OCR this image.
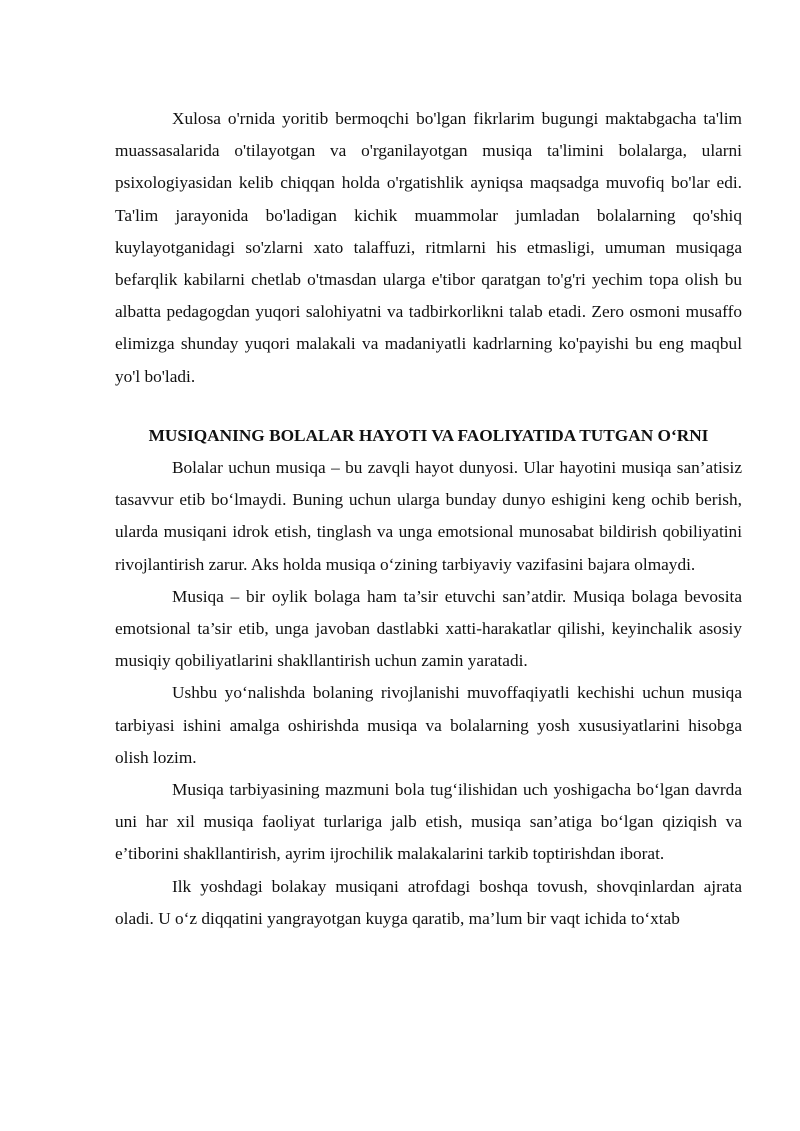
Xulosa o'rnida yoritib bermoqchi bo'lgan fikrlarim bugungi maktabgacha ta'lim muassasalarida o'tilayotgan va o'rganilayotgan musiqa ta'limini bolalarga, ularni psixologiyasidan kelib chiqqan holda o'rgatishlik ayniqsa maqsadga muvofiq bo'lar edi. Ta'lim jarayonida bo'ladigan kichik muammolar jumladan bolalarning qo'shiq kuylayotganidagi so'zlarni xato talaffuzi, ritmlarni his etmasligi, umuman musiqaga befarqlik kabilarni chetlab o'tmasdan ularga e'tibor qaratgan to'g'ri yechim topa olish bu albatta pedagogdan yuqori salohiyatni va tadbirkorlikni talab etadi. Zero osmoni musaffo elimizga shunday yuqori malakali va madaniyatli kadrlarning ko'payishi bu eng maqbul yo'l bo'ladi.

MUSIQANING BOLALAR HAYOTI VA FAOLIYATIDA TUTGAN O‘RNI

Bolalar uchun musiqa – bu zavqli hayot dunyosi. Ular hayotini musiqa san’atisiz tasavvur etib bo‘lmaydi. Buning uchun ularga bunday dunyo eshigini keng ochib berish, ularda musiqani idrok etish, tinglash va unga emotsional munosabat bildirish qobiliyatini rivojlantirish zarur. Aks holda musiqa o‘zining tarbiyaviy vazifasini bajara olmaydi.

Musiqa – bir oylik bolaga ham ta’sir etuvchi san’atdir. Musiqa bolaga bevosita emotsional ta’sir etib, unga javoban dastlabki xatti-harakatlar qilishi, keyinchalik asosiy musiqiy qobiliyatlarini shakllantirish uchun zamin yaratadi.

Ushbu yo‘nalishda bolaning rivojlanishi muvoffaqiyatli kechishi uchun musiqa tarbiyasi ishini amalga oshirishda musiqa va bolalarning yosh xususiyatlarini hisobga olish lozim.

Musiqa tarbiyasining mazmuni bola tug‘ilishidan uch yoshigacha bo‘lgan davrda uni har xil musiqa faoliyat turlariga jalb etish, musiqa san’atiga bo‘lgan qiziqish va e’tiborini shakllantirish, ayrim ijrochilik malakalarini tarkib toptirishdan iborat.

Ilk yoshdagi bolakay musiqani atrofdagi boshqa tovush, shovqinlardan ajrata oladi. U o‘z diqqatini yangrayotgan kuyga qaratib, ma’lum bir vaqt ichida to‘xtab
